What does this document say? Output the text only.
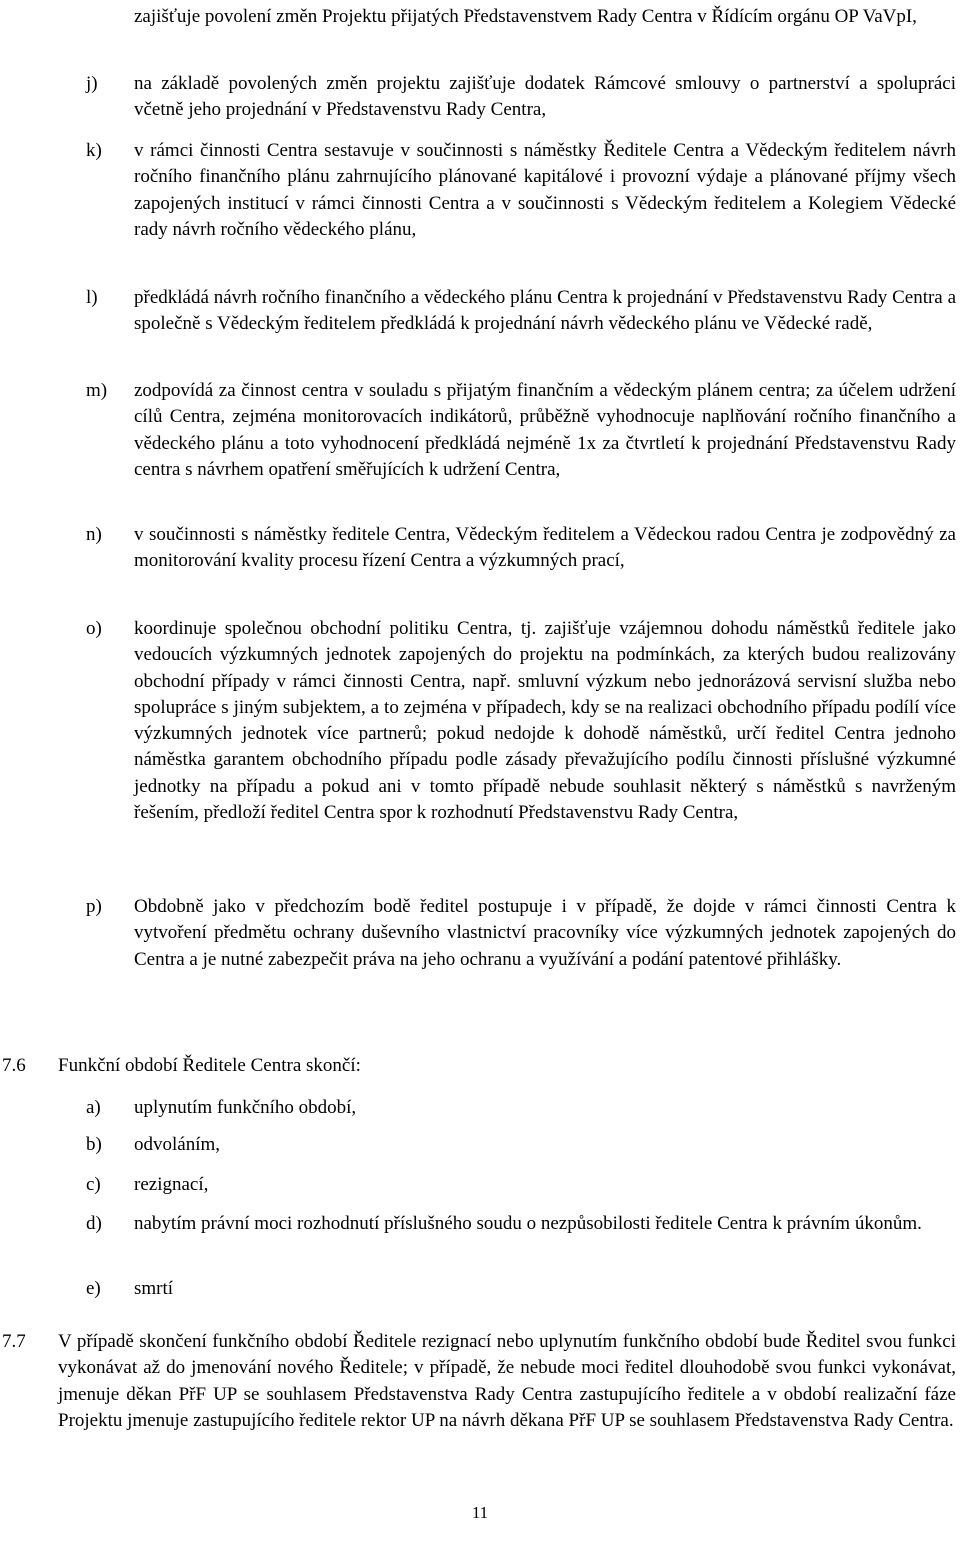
zajišťuje povolení změn Projektu přijatých Představenstvem Rady Centra v Řídícím orgánu OP VaVpI,
j) na základě povolených změn projektu zajišťuje dodatek Rámcové smlouvy o partnerství a spolupráci včetně jeho projednání v Představenstvu Rady Centra,
k) v rámci činnosti Centra sestavuje v součinnosti s náměstky Ředitele Centra a Vědeckým ředitelem návrh ročního finančního plánu zahrnujícího plánované kapitálové i provozní výdaje a plánované příjmy všech zapojených institucí v rámci činnosti Centra a v součinnosti s Vědeckým ředitelem a Kolegiem Vědecké rady návrh ročního vědeckého plánu,
l) předkládá návrh ročního finančního a vědeckého plánu Centra k projednání v Představenstvu Rady Centra a společně s Vědeckým ředitelem předkládá k projednání návrh vědeckého plánu ve Vědecké radě,
m) zodpovídá za činnost centra v souladu s přijatým finančním a vědeckým plánem centra; za účelem udržení cílů Centra, zejména monitorovacích indikátorů, průběžně vyhodnocuje naplňování ročního finančního a vědeckého plánu a toto vyhodnocení předkládá nejméně 1x za čtvrtletí k projednání Představenstvu Rady centra s návrhem opatření směřujících k udržení Centra,
n) v součinnosti s náměstky ředitele Centra, Vědeckým ředitelem a Vědeckou radou Centra je zodpovědný za monitorování kvality procesu řízení Centra a výzkumných prací,
o) koordinuje společnou obchodní politiku Centra, tj. zajišťuje vzájemnou dohodu náměstků ředitele jako vedoucích výzkumných jednotek zapojených do projektu na podmínkách, za kterých budou realizovány obchodní případy v rámci činnosti Centra, např. smluvní výzkum nebo jednorázová servisní služba nebo spolupráce s jiným subjektem, a to zejména v případech, kdy se na realizaci obchodního případu podílí více výzkumných jednotek více partnerů; pokud nedojde k dohodě náměstků, určí ředitel Centra jednoho náměstka garantem obchodního případu podle zásady převažujícího podílu činnosti příslušné výzkumné jednotky na případu a pokud ani v tomto případě nebude souhlasit některý s náměstků s navrženým řešením, předloží ředitel Centra spor k rozhodnutí Představenstvu Rady Centra,
p) Obdobně jako v předchozím bodě ředitel postupuje i v případě, že dojde v rámci činnosti Centra k vytvoření předmětu ochrany duševního vlastnictví pracovníky více výzkumných jednotek zapojených do Centra a je nutné zabezpečit práva na jeho ochranu a využívání a podání patentové přihlášky.
7.6 Funkční období Ředitele Centra skončí:
a) uplynutím funkčního období,
b) odvoláním,
c) rezignací,
d) nabytím právní moci rozhodnutí příslušného soudu o nezpůsobilosti ředitele Centra k právním úkonům.
e) smrtí
7.7 V případě skončení funkčního období Ředitele rezignací nebo uplynutím funkčního období bude Ředitel svou funkci vykonávat až do jmenování nového Ředitele; v případě, že nebude moci ředitel dlouhodobě svou funkci vykonávat, jmenuje děkan PřF UP se souhlasem Představenstva Rady Centra zastupujícího ředitele a v období realizační fáze Projektu jmenuje zastupujícího ředitele rektor UP na návrh děkana PřF UP se souhlasem Představenstva Rady Centra.
11
